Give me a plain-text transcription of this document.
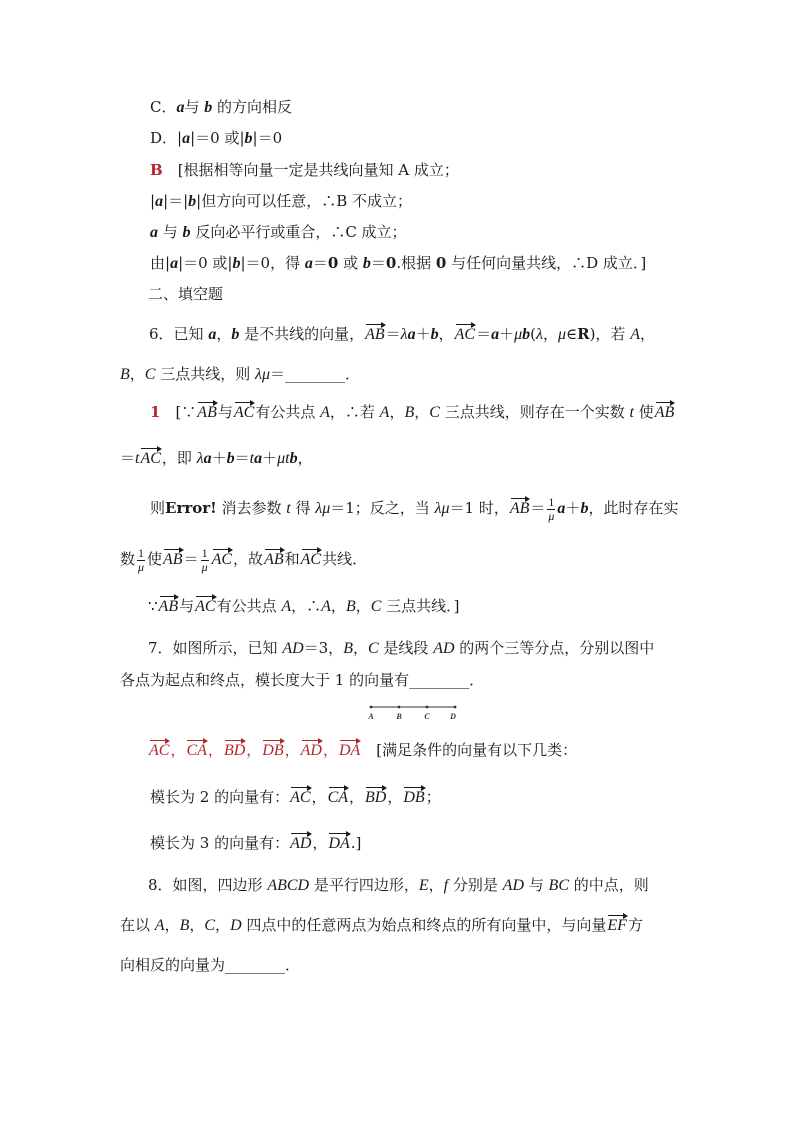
C．a与 b 的方向相反
D．|a|＝0 或|b|＝0
B　[根据相等向量一定是共线向量知 A 成立；
|a|＝|b|但方向可以任意，∴B 不成立；
a 与 b 反向必平行或重合，∴C 成立；
由|a|＝0 或|b|＝0，得 a＝0 或 b＝0.根据 0 与任何向量共线，∴D 成立．]
二、填空题
6．已知 a，b 是不共线的向量，AB＝λa＋b，AC＝a＋μb(λ，μ∈R)，若 A，
B，C 三点共线，则 λμ＝________．
1　[∵AB与AC有公共点 A，∴若 A，B，C 三点共线，则存在一个实数 t 使AB
＝tAC，即 λa＋b＝ta＋μtb，
则Error! 消去参数 t 得 λμ＝1；反之，当 λμ＝1 时，$AB= \frac{1}{\mu} a+b$，此时存在实
数 $\frac{1}{\mu}$ 使$AB= \frac{1}{\mu}$ AC，故AB和AC共线．
∵AB与AC有公共点 A，∴A，B，C 三点共线．]
7．如图所示，已知 AD＝3，B，C 是线段 AD 的两个三等分点，分别以图中
各点为起点和终点，模长度大于 1 的向量有________．
A	B	C	D
AC，CA，BD，DB，AD，DA　[满足条件的向量有以下几类：
模长为 2 的向量有：AC，CA，BD，DB；
模长为 3 的向量有：AD，DA.]
8．如图，四边形 ABCD 是平行四边形，E，f 分别是 AD 与 BC 的中点，则
在以 A，B，C，D 四点中的任意两点为始点和终点的所有向量中，与向量EF方
向相反的向量为________．
